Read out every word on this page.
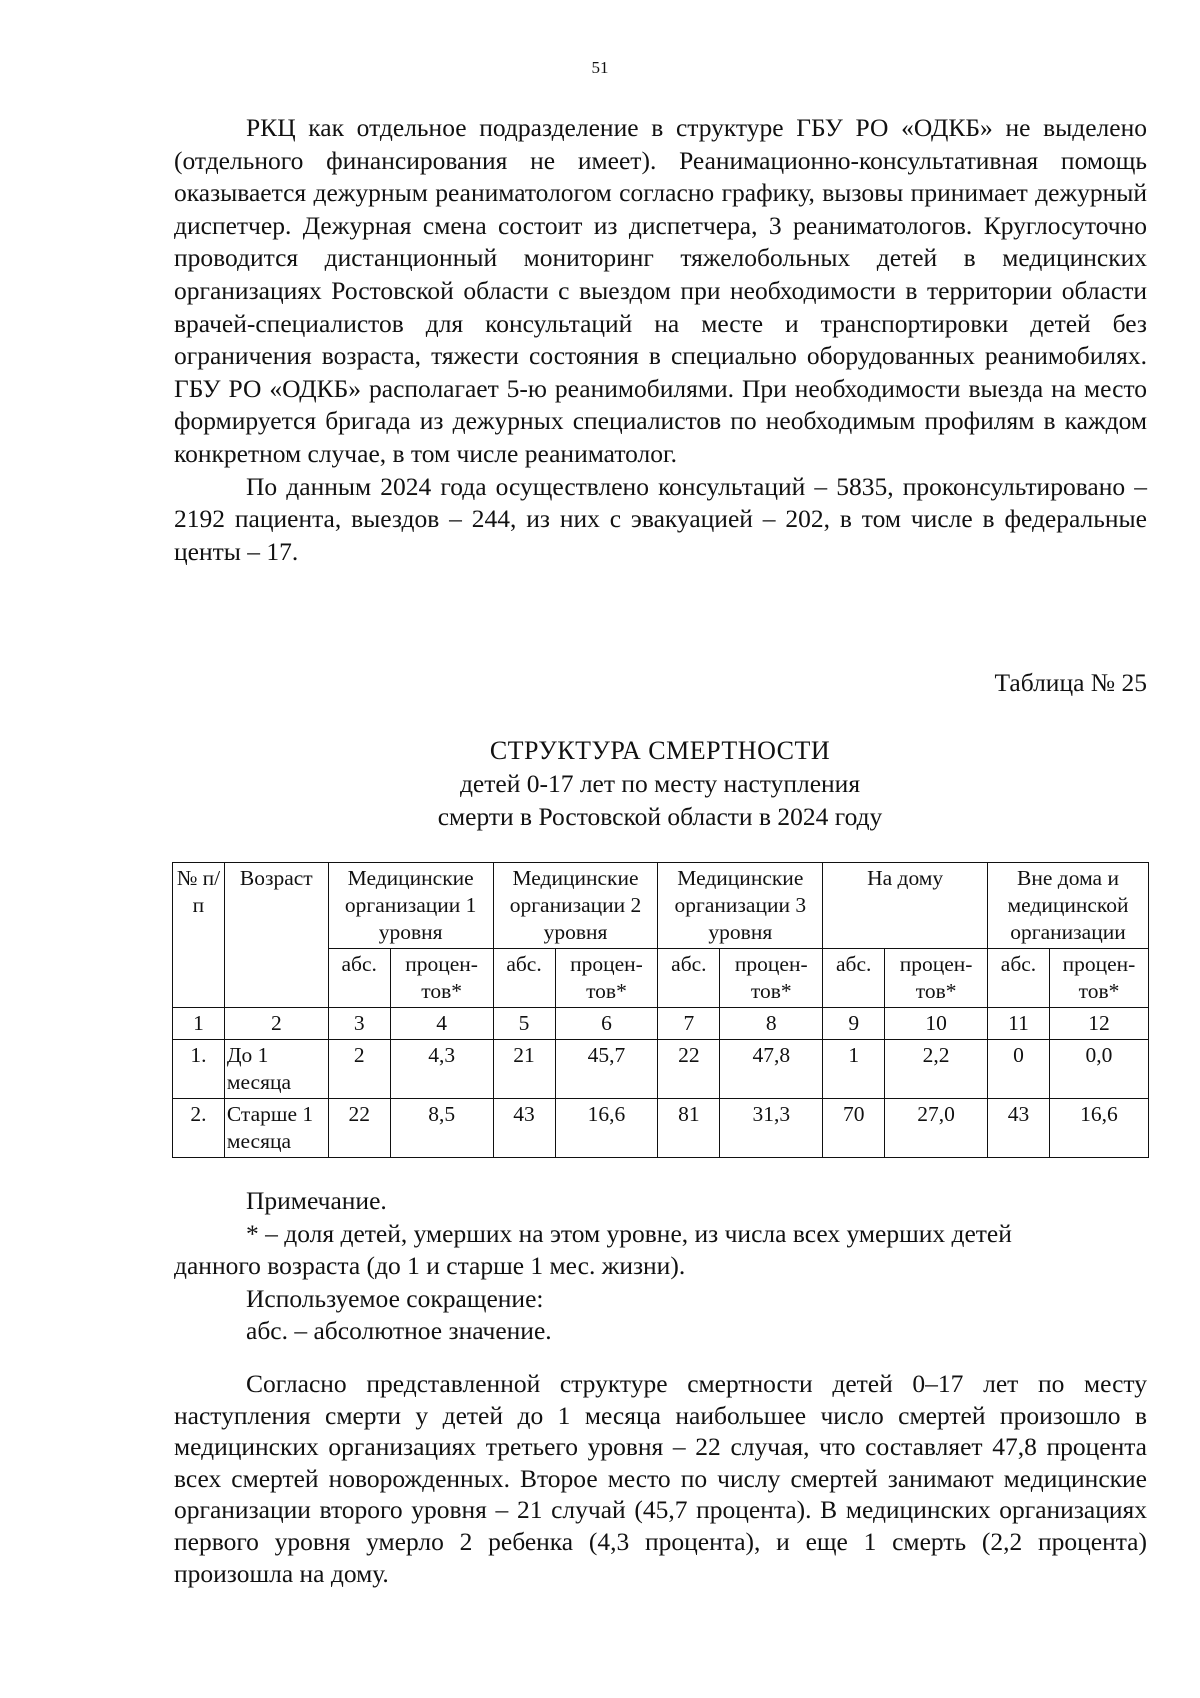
51

РКЦ как отдельное подразделение в структуре ГБУ РО «ОДКБ» не выделено (отдельного финансирования не имеет). Реанимационно-консультативная помощь оказывается дежурным реаниматологом согласно графику, вызовы принимает дежурный диспетчер. Дежурная смена состоит из диспетчера, 3 реаниматологов. Круглосуточно проводится дистанционный мониторинг тяжелобольных детей в медицинских организациях Ростовской области с выездом при необходимости в территории области врачей-специалистов для консультаций на месте и транспортировки детей без ограничения возраста, тяжести состояния в специально оборудованных реанимобилях. ГБУ РО «ОДКБ» располагает 5-ю реанимобилями. При необходимости выезда на место формируется бригада из дежурных специалистов по необходимым профилям в каждом конкретном случае, в том числе реаниматолог.

По данным 2024 года осуществлено консультаций – 5835, проконсультировано – 2192 пациента, выездов – 244, из них с эвакуацией – 202, в том числе в федеральные центы – 17.

Таблица № 25
СТРУКТУРА СМЕРТНОСТИ
детей 0-17 лет по месту наступления
смерти в Ростовской области в 2024 году
№ п/п	Возраст	Медицинские организации 1 уровня		Медицинские организации 2 уровня		Медицинские организации 3 уровня		На дому		Вне дома и медицинской организации	
		абс.	процен-тов*	абс.	процен-тов*	абс.	процен-тов*	абс.	процен-тов*	абс.	процен-тов*
1	2	3	4	5	6	7	8	9	10	11	12
1.	До 1 месяца	2	4,3	21	45,7	22	47,8	1	2,2	0	0,0
2.	Старше 1 месяца	22	8,5	43	16,6	81	31,3	70	27,0	43	16,6

Примечание.

* – доля детей, умерших на этом уровне, из числа всех умерших детей

данного возраста (до 1 и старше 1 мес. жизни).

Используемое сокращение:

абс. – абсолютное значение.

Согласно представленной структуре смертности детей 0–17 лет по месту наступления смерти у детей до 1 месяца наибольшее число смертей произошло в медицинских организациях третьего уровня – 22 случая, что составляет 47,8 процента всех смертей новорожденных. Второе место по числу смертей занимают медицинские организации второго уровня – 21 случай (45,7 процента). В медицинских организациях первого уровня умерло 2 ребенка (4,3 процента), и еще 1 смерть (2,2 процента) произошла на дому.
